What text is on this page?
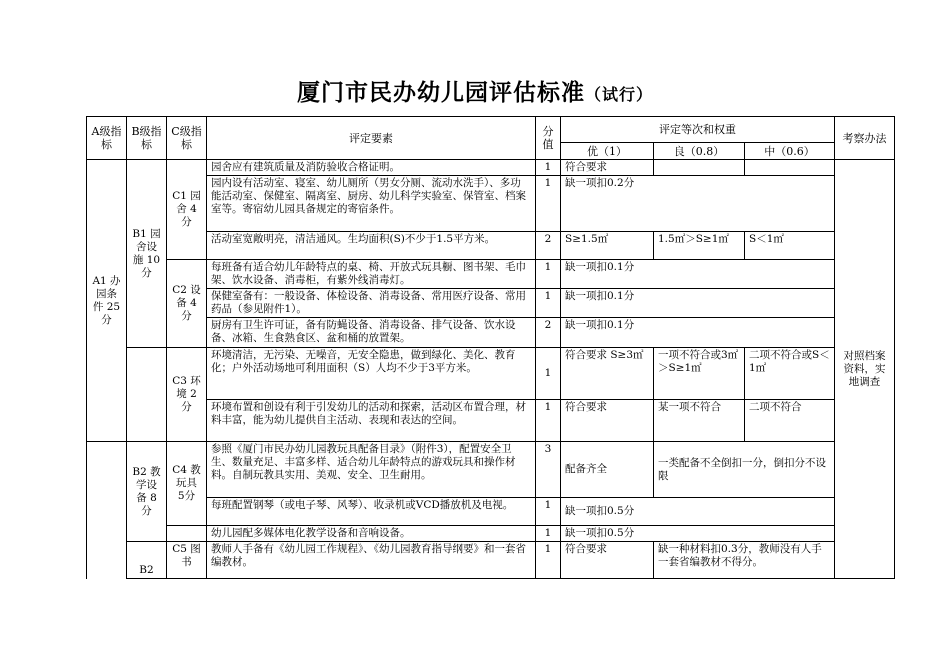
厦门市民办幼儿园评估标准（试行）
A级指标	B级指标	C级指标	评定要素	分值	评定等次和权重			考察办法
					优（1）	良（0.8）	中（0.6）	
A1 办园条件 25分	B1 园舍设施 10分	C1 园舍 4分	园舍应有建筑质量及消防验收合格证明。	1	符合要求			对照档案资料，实地调查
			园内设有活动室、寝室、幼儿厕所（男女分厕、流动水洗手）、多功能活动室、保健室、隔离室、厨房、幼儿科学实验室、保管室、档案室等。寄宿幼儿园具备规定的寄宿条件。	1	缺一项扣0.2分			
			活动室宽敞明亮，清洁通风。生均面积(S)不少于1.5平方米。	2	S≥1.5㎡	1.5㎡＞S≥1㎡	S＜1㎡	
		C2 设备 4分	每班备有适合幼儿年龄特点的桌、椅、开放式玩具橱、图书架、毛巾架、饮水设备、消毒柜，有紫外线消毒灯。	1	缺一项扣0.1分			
			保健室备有：一般设备、体检设备、消毒设备、常用医疗设备、常用药品（参见附件1）。	1	缺一项扣0.1分			
			厨房有卫生许可证，备有防蝇设备、消毒设备、排气设备、饮水设备、冰箱、生食熟食区、盆和桶的放置架。	2	缺一项扣0.1分			
		C3 环境 2分	环境清洁，无污染、无噪音，无安全隐患，做到绿化、美化、教育化；户外活动场地可利用面积（S）人均不少于3平方米。	1	符合要求 S≥3㎡	一项不符合或3㎡＞S≥1㎡	二项不符合或S＜1㎡	
			环境布置和创设有利于引发幼儿的活动和探索，活动区布置合理，材料丰富，能为幼儿提供自主活动、表现和表达的空间。	1	符合要求	某一项不符合	二项不符合	
	B2 教学设备 8分	C4 教玩具 5分	参照《厦门市民办幼儿园教玩具配备目录》（附件3），配置安全卫生、数量充足、丰富多样、适合幼儿年龄特点的游戏玩具和操作材料。自制玩教具实用、美观、安全、卫生耐用。	3	配备齐全	一类配备不全倒扣一分，倒扣分不设限		
			每班配置钢琴（或电子琴、风琴）、收录机或VCD播放机及电视。	1	缺一项扣0.5分			
			幼儿园配多媒体电化教学设备和音响设备。	1	缺一项扣0.5分			
	B2	C5 图书	教师人手备有《幼儿园工作规程》、《幼儿园教育指导纲要》和一套省编教材。	1	符合要求	缺一种材料扣0.3分，教师没有人手一套省编教材不得分。		
